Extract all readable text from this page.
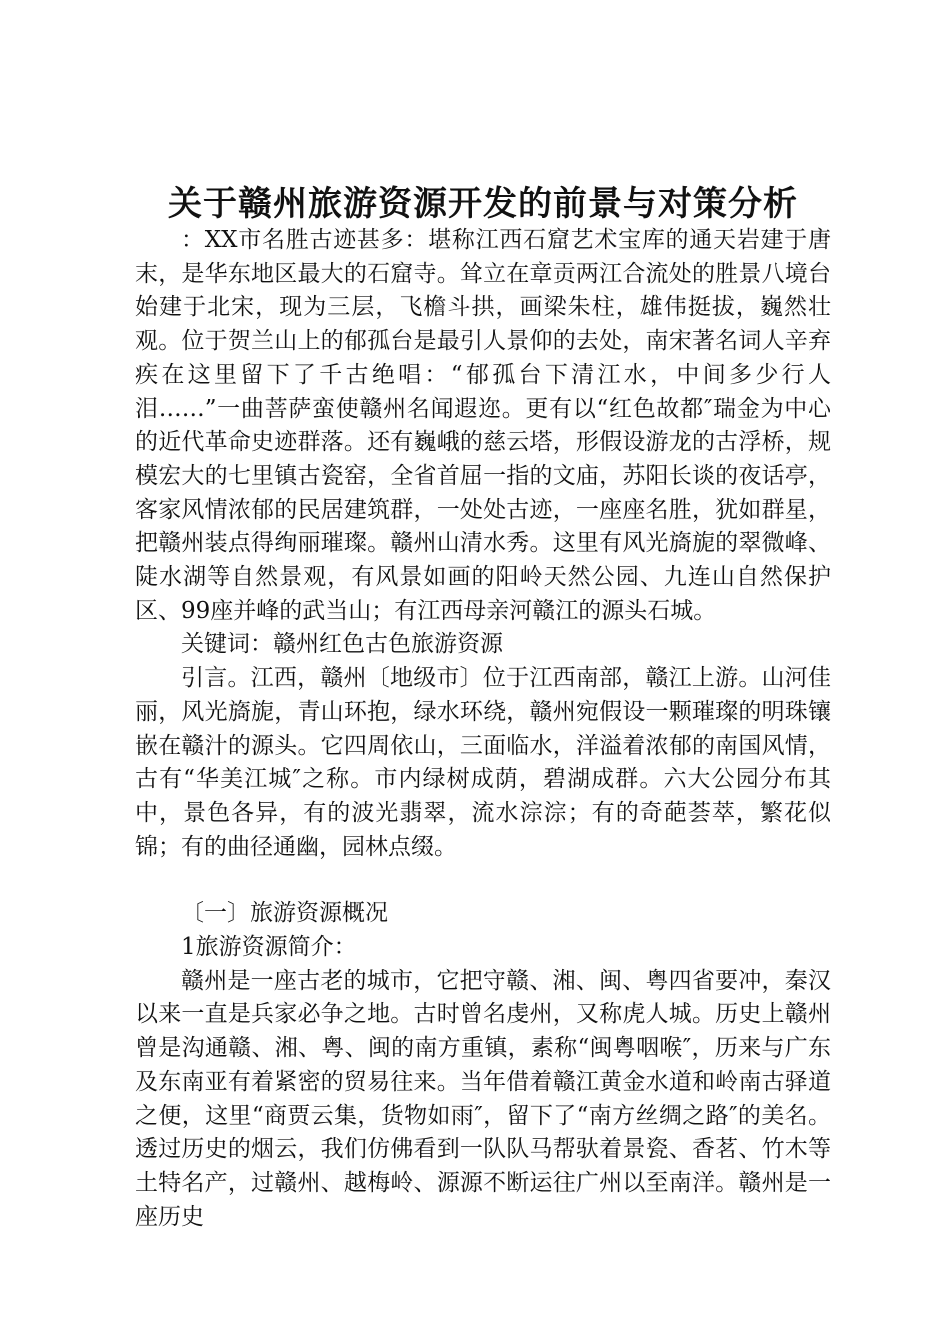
关于赣州旅游资源开发的前景与对策分析

：XX市名胜古迹甚多：堪称江西石窟艺术宝库的通天岩建于唐末，是华东地区最大的石窟寺。耸立在章贡两江合流处的胜景八境台始建于北宋，现为三层，飞檐斗拱，画梁朱柱，雄伟挺拔，巍然壮观。位于贺兰山上的郁孤台是最引人景仰的去处，南宋著名词人辛弃疾在这里留下了千古绝唱：“郁孤台下清江水，中间多少行人泪……”一曲菩萨蛮使赣州名闻遐迩。更有以“红色故都″瑞金为中心的近代革命史迹群落。还有巍峨的慈云塔，形假设游龙的古浮桥，规模宏大的七里镇古瓷窑，全省首屈一指的文庙，苏阳长谈的夜话亭，客家风情浓郁的民居建筑群，一处处古迹，一座座名胜，犹如群星，把赣州装点得绚丽璀璨。赣州山清水秀。这里有风光旖旎的翠微峰、陡水湖等自然景观，有风景如画的阳岭天然公园、九连山自然保护区、99座并峰的武当山；有江西母亲河赣江的源头石城。

关键词：赣州红色古色旅游资源

引言。江西，赣州〔地级市〕位于江西南部，赣江上游。山河佳丽，风光旖旎，青山环抱，绿水环绕，赣州宛假设一颗璀璨的明珠镶嵌在赣汁的源头。它四周依山，三面临水，洋溢着浓郁的南国风情，古有“华美江城″之称。市内绿树成荫，碧湖成群。六大公园分布其中，景色各异，有的波光翡翠，流水淙淙；有的奇葩荟萃，繁花似锦；有的曲径通幽，园林点缀。

〔一〕旅游资源概况

1旅游资源简介：

赣州是一座古老的城市，它把守赣、湘、闽、粤四省要冲，秦汉以来一直是兵家必争之地。古时曾名虔州，又称虎人城。历史上赣州曾是沟通赣、湘、粤、闽的南方重镇，素称“闽粤咽喉″，历来与广东及东南亚有着紧密的贸易往来。当年借着赣江黄金水道和岭南古驿道之便，这里“商贾云集，货物如雨″，留下了“南方丝绸之路″的美名。透过历史的烟云，我们仿佛看到一队队马帮驮着景瓷、香茗、竹木等土特名产，过赣州、越梅岭、源源不断运往广州以至南洋。赣州是一座历史
